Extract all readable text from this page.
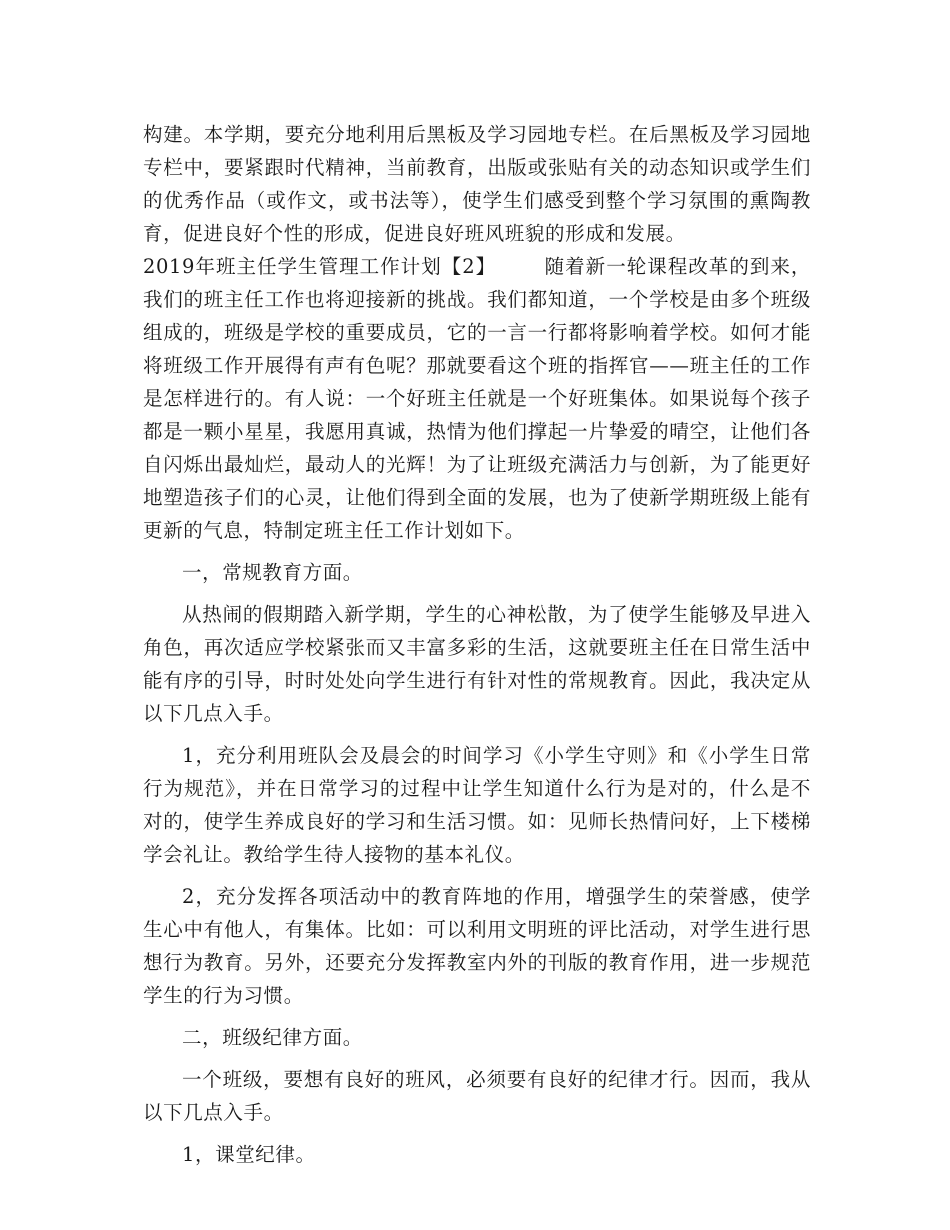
构建。本学期，要充分地利用后黑板及学习园地专栏。在后黑板及学习园地专栏中，要紧跟时代精神，当前教育，出版或张贴有关的动态知识或学生们的优秀作品（或作文，或书法等），使学生们感受到整个学习氛围的熏陶教育，促进良好个性的形成，促进良好班风班貌的形成和发展。

2019年班主任学生管理工作计划【2】 随着新一轮课程改革的到来，我们的班主任工作也将迎接新的挑战。我们都知道，一个学校是由多个班级组成的，班级是学校的重要成员，它的一言一行都将影响着学校。如何才能将班级工作开展得有声有色呢？那就要看这个班的指挥官——班主任的工作是怎样进行的。有人说：一个好班主任就是一个好班集体。如果说每个孩子都是一颗小星星，我愿用真诚，热情为他们撑起一片挚爱的晴空，让他们各自闪烁出最灿烂，最动人的光辉！为了让班级充满活力与创新，为了能更好地塑造孩子们的心灵，让他们得到全面的发展，也为了使新学期班级上能有更新的气息，特制定班主任工作计划如下。

一，常规教育方面。

从热闹的假期踏入新学期，学生的心神松散，为了使学生能够及早进入角色，再次适应学校紧张而又丰富多彩的生活，这就要班主任在日常生活中能有序的引导，时时处处向学生进行有针对性的常规教育。因此，我决定从以下几点入手。

1，充分利用班队会及晨会的时间学习《小学生守则》和《小学生日常行为规范》，并在日常学习的过程中让学生知道什么行为是对的，什么是不对的，使学生养成良好的学习和生活习惯。如：见师长热情问好，上下楼梯学会礼让。教给学生待人接物的基本礼仪。

2，充分发挥各项活动中的教育阵地的作用，增强学生的荣誉感，使学生心中有他人，有集体。比如：可以利用文明班的评比活动，对学生进行思想行为教育。另外，还要充分发挥教室内外的刊版的教育作用，进一步规范学生的行为习惯。

二，班级纪律方面。

一个班级，要想有良好的班风，必须要有良好的纪律才行。因而，我从以下几点入手。

1，课堂纪律。
